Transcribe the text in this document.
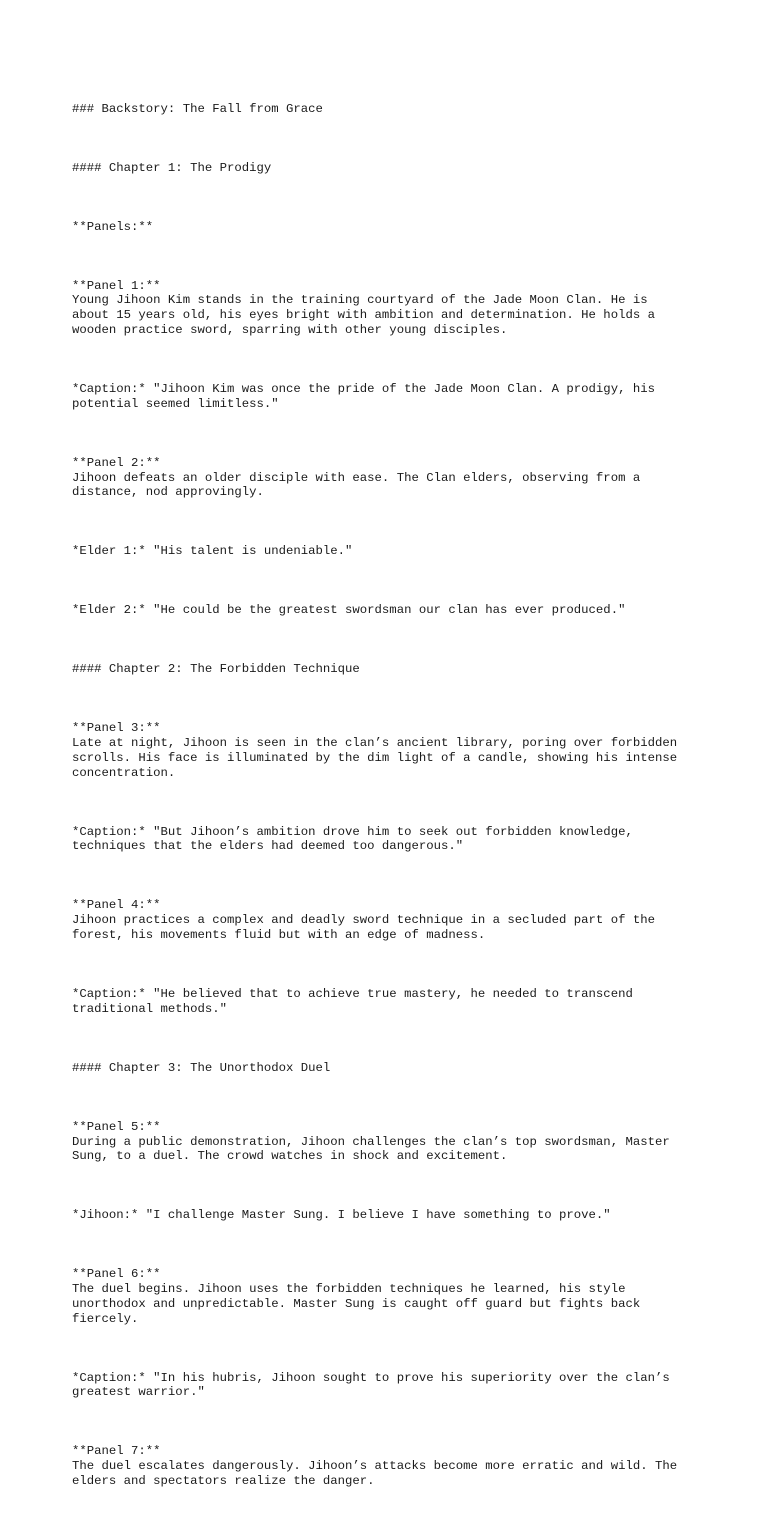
### Backstory: The Fall from Grace

#### Chapter 1: The Prodigy

**Panels:**

**Panel 1:**
Young Jihoon Kim stands in the training courtyard of the Jade Moon Clan. He is
about 15 years old, his eyes bright with ambition and determination. He holds a
wooden practice sword, sparring with other young disciples.

*Caption:* "Jihoon Kim was once the pride of the Jade Moon Clan. A prodigy, his
potential seemed limitless."

**Panel 2:**
Jihoon defeats an older disciple with ease. The Clan elders, observing from a
distance, nod approvingly.

*Elder 1:* "His talent is undeniable."

*Elder 2:* "He could be the greatest swordsman our clan has ever produced."

#### Chapter 2: The Forbidden Technique

**Panel 3:**
Late at night, Jihoon is seen in the clan’s ancient library, poring over forbidden
scrolls. His face is illuminated by the dim light of a candle, showing his intense
concentration.

*Caption:* "But Jihoon’s ambition drove him to seek out forbidden knowledge,
techniques that the elders had deemed too dangerous."

**Panel 4:**
Jihoon practices a complex and deadly sword technique in a secluded part of the
forest, his movements fluid but with an edge of madness.

*Caption:* "He believed that to achieve true mastery, he needed to transcend
traditional methods."

#### Chapter 3: The Unorthodox Duel

**Panel 5:**
During a public demonstration, Jihoon challenges the clan’s top swordsman, Master
Sung, to a duel. The crowd watches in shock and excitement.

*Jihoon:* "I challenge Master Sung. I believe I have something to prove."

**Panel 6:**
The duel begins. Jihoon uses the forbidden techniques he learned, his style
unorthodox and unpredictable. Master Sung is caught off guard but fights back
fiercely.

*Caption:* "In his hubris, Jihoon sought to prove his superiority over the clan’s
greatest warrior."

**Panel 7:**
The duel escalates dangerously. Jihoon’s attacks become more erratic and wild. The
elders and spectators realize the danger.
